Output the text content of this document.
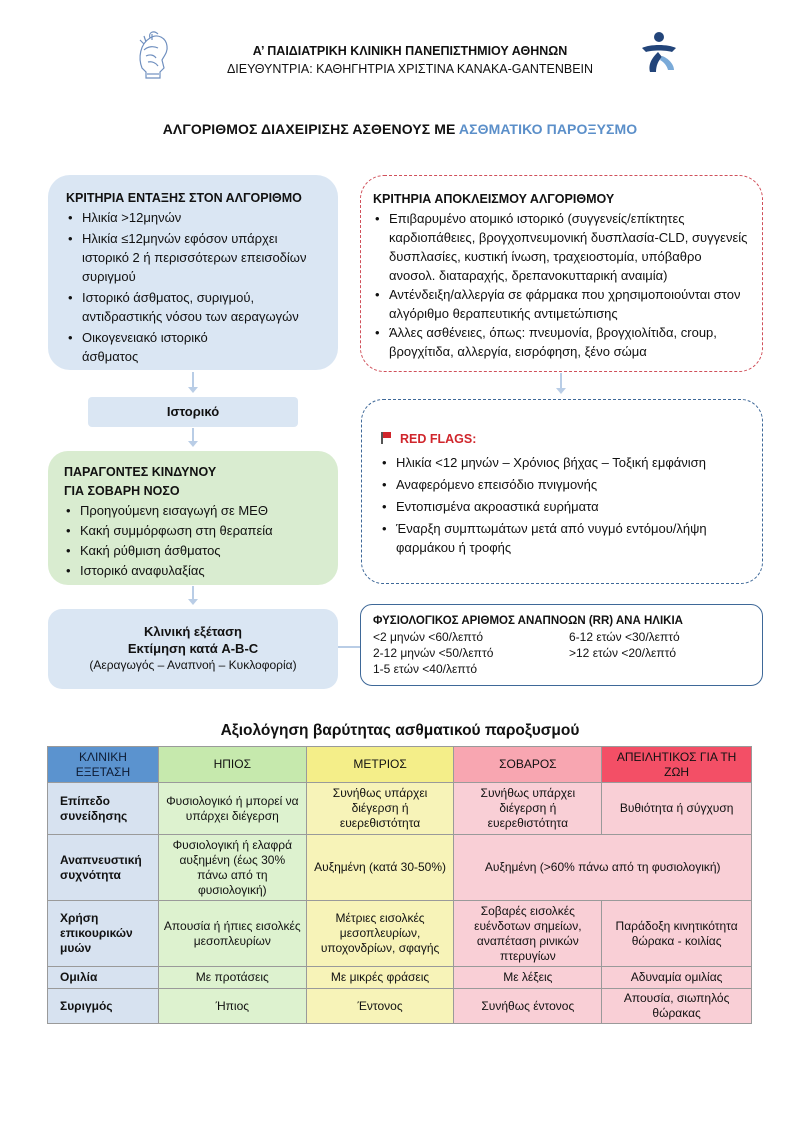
Α’ ΠΑΙΔΙΑΤΡΙΚΗ ΚΛΙΝΙΚΗ ΠΑΝΕΠΙΣΤΗΜΙΟΥ ΑΘΗΝΩΝ
ΔΙΕΥΘΥΝΤΡΙΑ: ΚΑΘΗΓΗΤΡΙΑ ΧΡΙΣΤΙΝΑ ΚΑΝΑΚΑ-GANTENBEIN
ΑΛΓΟΡΙΘΜΟΣ ΔΙΑΧΕΙΡΙΣΗΣ ΑΣΘΕΝΟΥΣ ΜΕ ΑΣΘΜΑΤΙΚΟ ΠΑΡΟΞΥΣΜΟ
ΚΡΙΤΗΡΙΑ ΕΝΤΑΞΗΣ ΣΤΟΝ ΑΛΓΟΡΙΘΜΟ
• Ηλικία >12μηνών
• Ηλικία ≤12μηνών εφόσον υπάρχει ιστορικό 2 ή περισσότερων επεισοδίων συριγμού
• Ιστορικό άσθματος, συριγμού, αντιδραστικής νόσου των αεραγωγών
• Οικογενειακό ιστορικό άσθματος
ΚΡΙΤΗΡΙΑ ΑΠΟΚΛΕΙΣΜΟΥ ΑΛΓΟΡΙΘΜΟΥ
• Επιβαρυμένο ατομικό ιστορικό (συγγενείς/επίκτητες καρδιοπάθειες, βρογχοπνευμονική δυσπλασία-CLD, συγγενείς δυσπλασίες, κυστική ίνωση, τραχειοστομία, υπόβαθρο ανοσολ. διαταραχής, δρεπανοκυτταρική αναιμία)
• Αντένδειξη/αλλεργία σε φάρμακα που χρησιμοποιούνται στον αλγόριθμο θεραπευτικής αντιμετώπισης
• Άλλες ασθένειες, όπως: πνευμονία, βρογχιολίτιδα, croup, βρογχίτιδα, αλλεργία, εισρόφηση, ξένο σώμα
Ιστορικό
ΠΑΡΑΓΟΝΤΕΣ ΚΙΝΔΥΝΟΥ
ΓΙΑ ΣΟΒΑΡΗ ΝΟΣΟ
• Προηγούμενη εισαγωγή σε ΜΕΘ
• Κακή συμμόρφωση στη θεραπεία
• Κακή ρύθμιση άσθματος
• Ιστορικό αναφυλαξίας
RED FLAGS:
• Ηλικία <12 μηνών – Χρόνιος βήχας – Τοξική εμφάνιση
• Αναφερόμενο επεισόδιο πνιγμονής
• Εντοπισμένα ακροαστικά ευρήματα
• Έναρξη συμπτωμάτων μετά από νυγμό εντόμου/λήψη φαρμάκου ή τροφής
Κλινική εξέταση
Εκτίμηση κατά A-B-C
(Αεραγωγός – Αναπνοή – Κυκλοφορία)
ΦΥΣΙΟΛΟΓΙΚΟΣ ΑΡΙΘΜΟΣ ΑΝΑΠΝΟΩΝ (RR) ΑΝΑ ΗΛΙΚΙΑ
<2 μηνών <60/λεπτό	6-12 ετών <30/λεπτό
2-12 μηνών <50/λεπτό	>12 ετών <20/λεπτό
1-5 ετών <40/λεπτό
Αξιολόγηση βαρύτητας ασθματικού παροξυσμού
ΚΛΙΝΙΚΗ ΕΞΕΤΑΣΗ	ΗΠΙΟΣ	ΜΕΤΡΙΟΣ	ΣΟΒΑΡΟΣ	ΑΠΕΙΛΗΤΙΚΟΣ ΓΙΑ ΤΗ ΖΩΗ
Επίπεδο συνείδησης	Φυσιολογικό ή μπορεί να υπάρχει διέγερση	Συνήθως υπάρχει διέγερση ή ευερεθιστότητα	Συνήθως υπάρχει διέγερση ή ευερεθιστότητα	Βυθιότητα ή σύγχυση
Αναπνευστική συχνότητα	Φυσιολογική ή ελαφρά αυξημένη (έως 30% πάνω από τη φυσιολογική)	Αυξημένη (κατά 30-50%)	Αυξημένη (>60% πάνω από τη φυσιολογική)	
Χρήση επικουρικών μυών	Απουσία ή ήπιες εισολκές μεσοπλευρίων	Μέτριες εισολκές μεσοπλευρίων, υποχονδρίων, σφαγής	Σοβαρές εισολκές ευένδοτων σημείων, αναπέταση ρινικών πτερυγίων	Παράδοξη κινητικότητα θώρακα - κοιλίας
Ομιλία	Με προτάσεις	Με μικρές φράσεις	Με λέξεις	Αδυναμία ομιλίας
Συριγμός	Ήπιος	Έντονος	Συνήθως έντονος	Απουσία, σιωπηλός θώρακας
